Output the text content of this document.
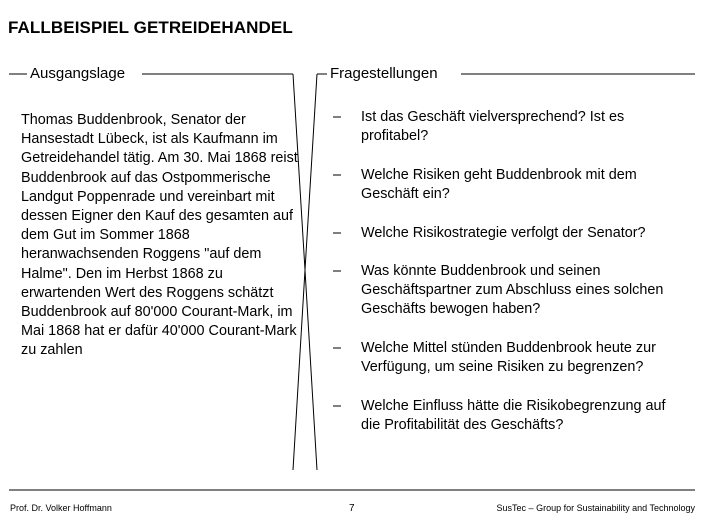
FALLBEISPIEL GETREIDEHANDEL
Ausgangslage	Fragestellungen
Thomas Buddenbrook, Senator der Hansestadt Lübeck, ist als Kaufmann im Getreidehandel tätig. Am 30. Mai 1868 reist Buddenbrook auf das Ostpommerische Landgut Poppenrade und vereinbart mit dessen Eigner den Kauf des gesamten auf dem Gut im Sommer 1868 heranwachsenden Roggens "auf dem Halme". Den im Herbst 1868 zu erwartenden Wert des Roggens schätzt Buddenbrook auf 80'000 Courant-Mark, im Mai 1868 hat er dafür 40'000 Courant-Mark zu zahlen
– Ist das Geschäft vielversprechend? Ist es profitabel?
– Welche Risiken geht Buddenbrook mit dem Geschäft ein?
– Welche Risikostrategie verfolgt der Senator?
– Was könnte Buddenbrook und seinen Geschäftspartner zum Abschluss eines solchen Geschäfts bewogen haben?
– Welche Mittel stünden Buddenbrook heute zur Verfügung, um seine Risiken zu begrenzen?
– Welche Einfluss hätte die Risikobegrenzung auf die Profitabilität des Geschäfts?
Prof. Dr. Volker Hoffmann	7	SusTec – Group for Sustainability and Technology
